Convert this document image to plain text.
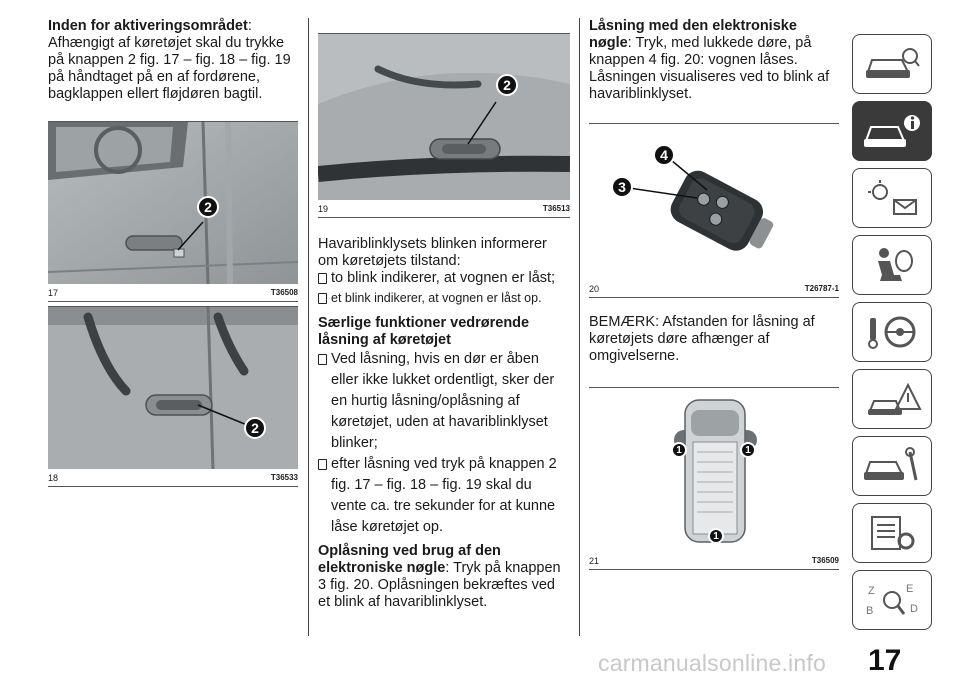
Inden for aktiveringsområdet:
Afhængigt af køretøjet skal du trykke på knappen 2 fig. 17 – fig. 18 – fig. 19 på håndtaget på en af fordørene, bagklappen ellert fløjdøren bagtil.

2
17	T36508
2
18	T36533
2
19	T36513

Havariblinklysets blinken informerer om køretøjets tilstand:

to blink indikerer, at vognen er låst;
et blink indikerer, at vognen er låst op.

Særlige funktioner vedrørende låsning af køretøjet

Ved låsning, hvis en dør er åben eller ikke lukket ordentligt, sker der en hurtig låsning/oplåsning af køretøjet, uden at havariblinklyset blinker;
efter låsning ved tryk på knappen 2 fig. 17 – fig. 18 – fig. 19 skal du vente ca. tre sekunder for at kunne låse køretøjet op.

Oplåsning ved brug af den elektroniske nøgle: Tryk på knappen 3 fig. 20. Oplåsningen bekræftes ved et blink af havariblinklyset.

Låsning med den elektroniske nøgle: Tryk, med lukkede døre, på knappen 4 fig. 20: vognen låses. Låsningen visualiseres ved to blink af havariblinklyset.

4
3
20	T26787-1

BEMÆRK: Afstanden for låsning af køretøjets døre afhænger af omgivelserne.

1	1
1
21	T36509
Z	E
B	D
carmanualsonline.info 17
